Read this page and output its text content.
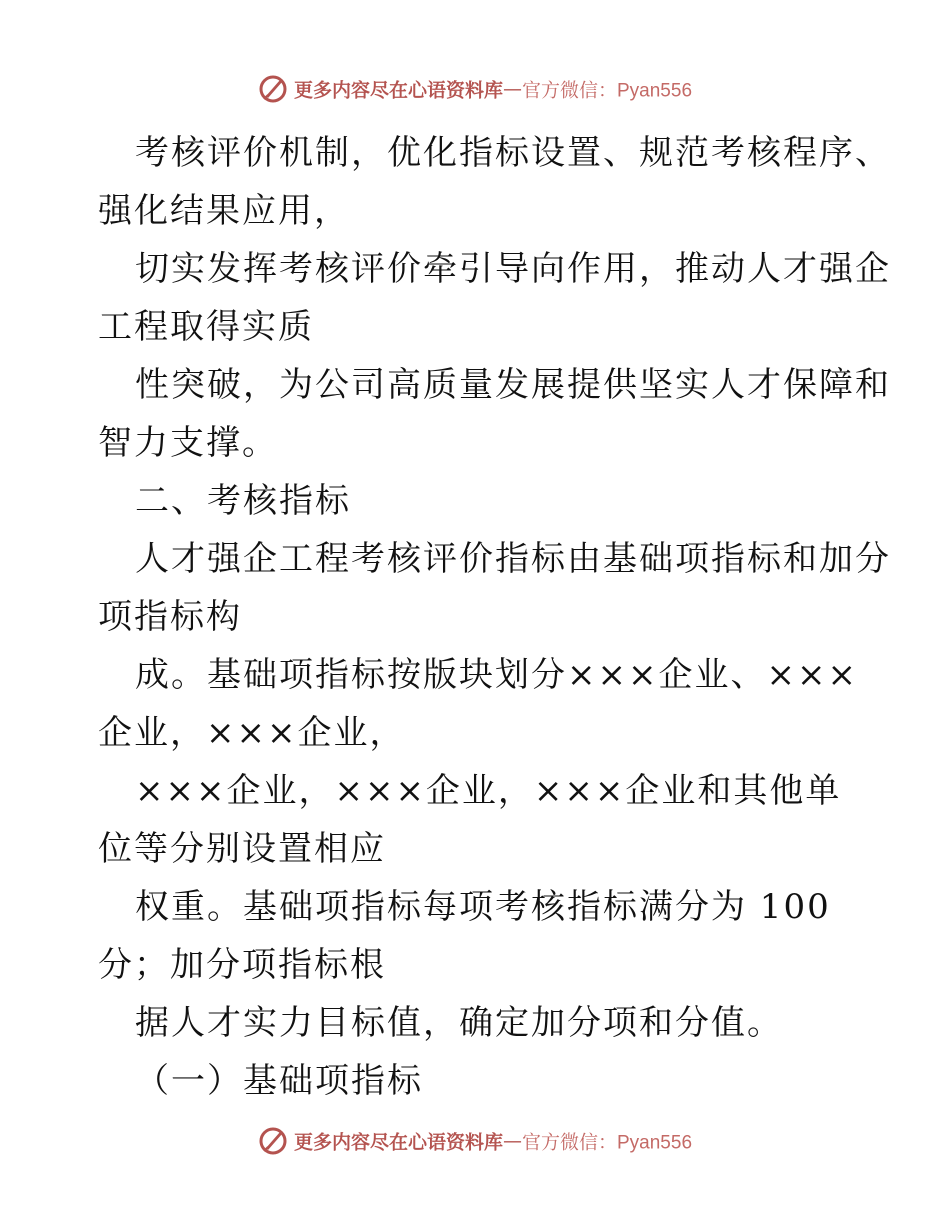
更多内容尽在心语资料库—官方微信：Pyan556
考核评价机制，优化指标设置、规范考核程序、
强化结果应用，
切实发挥考核评价牵引导向作用，推动人才强企
工程取得实质
性突破，为公司高质量发展提供坚实人才保障和
智力支撑。
二、考核指标
人才强企工程考核评价指标由基础项指标和加分
项指标构
成。基础项指标按版块划分×××企业、×××
企业，×××企业，
×××企业，×××企业，×××企业和其他单
位等分别设置相应
权重。基础项指标每项考核指标满分为 100
分；加分项指标根
据人才实力目标值，确定加分项和分值。
（一）基础项指标
更多内容尽在心语资料库—官方微信：Pyan556
